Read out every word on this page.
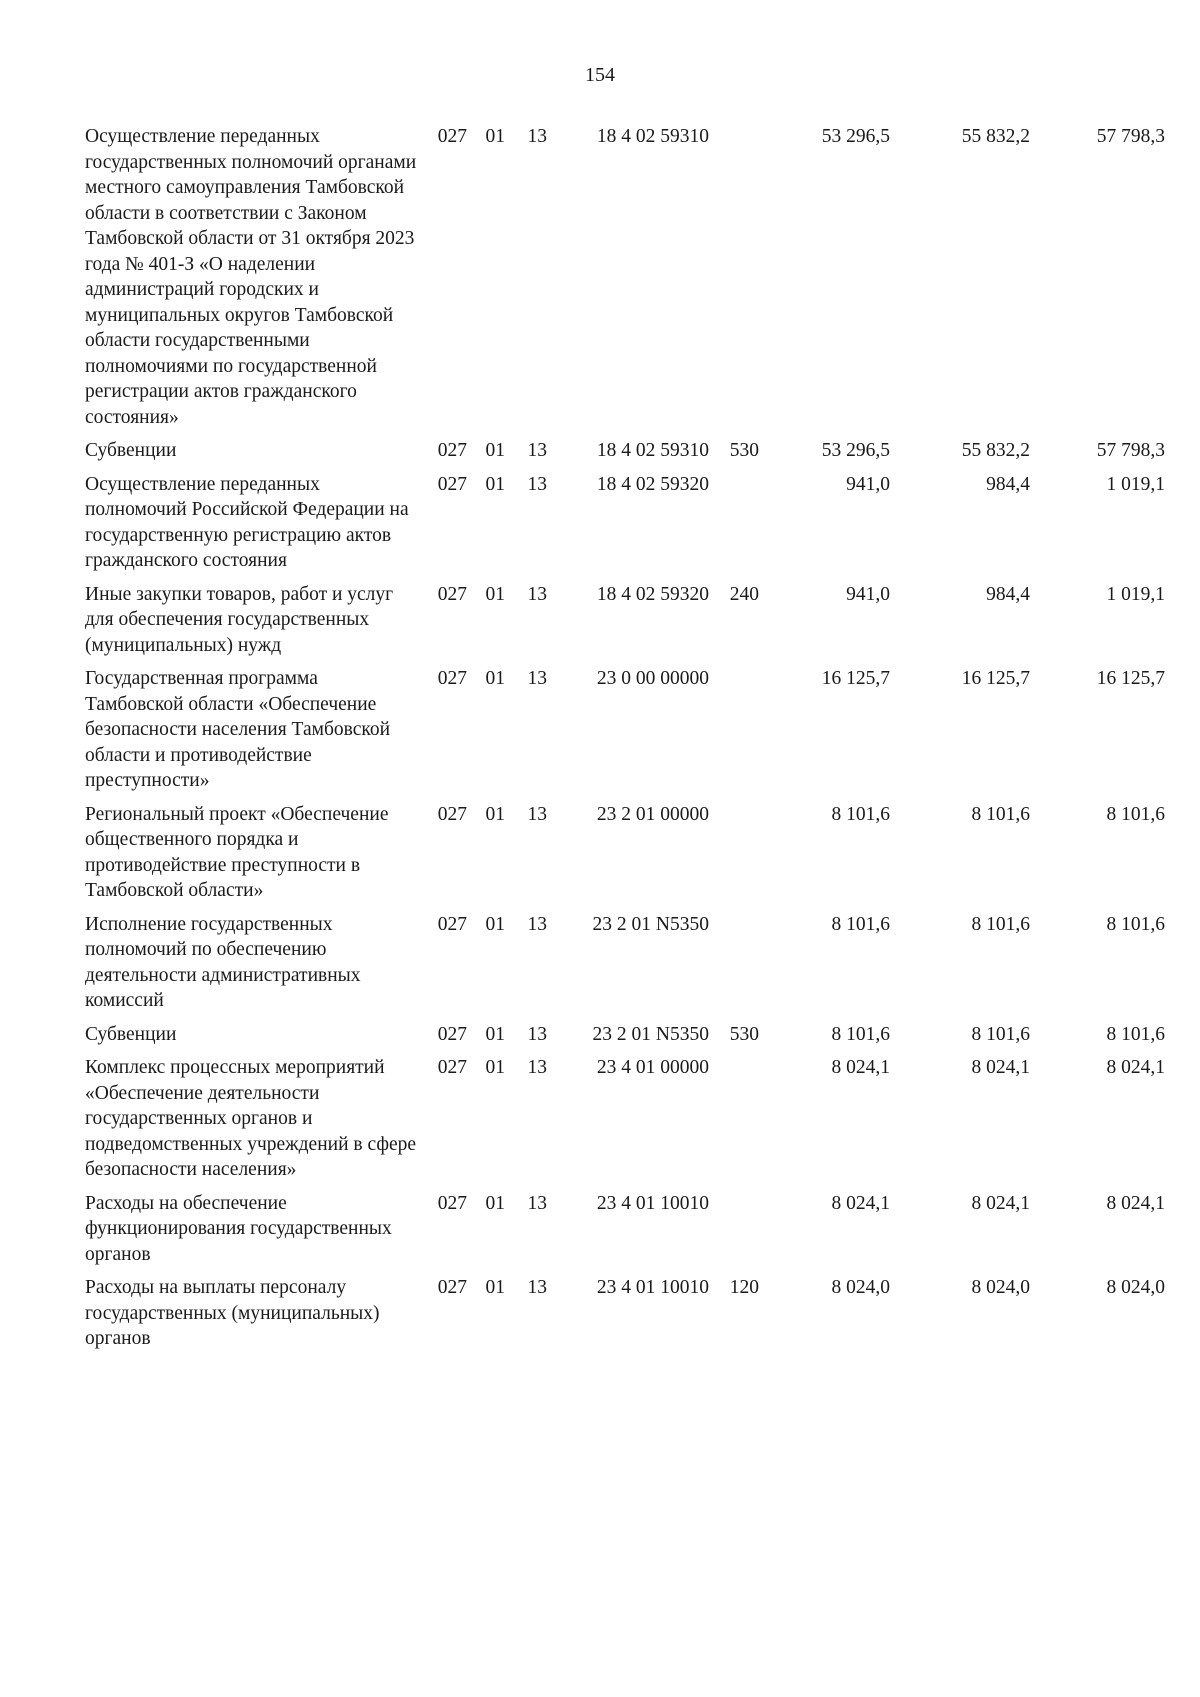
154
Осуществление переданных государственных полномочий органами местного самоуправления Тамбовской области в соответствии с Законом Тамбовской области от 31 октября 2023 года № 401-З «О наделении администраций городских и муниципальных округов Тамбовской области государственными полномочиями по государственной регистрации актов гражданского состояния»	027	01	13	18 4 02 59310		53 296,5	55 832,2	57 798,3
Субвенции	027	01	13	18 4 02 59310	530	53 296,5	55 832,2	57 798,3
Осуществление переданных полномочий Российской Федерации на государственную регистрацию актов гражданского состояния	027	01	13	18 4 02 59320		941,0	984,4	1 019,1
Иные закупки товаров, работ и услуг для обеспечения государственных (муниципальных) нужд	027	01	13	18 4 02 59320	240	941,0	984,4	1 019,1
Государственная программа Тамбовской области «Обеспечение безопасности населения Тамбовской области и противодействие преступности»	027	01	13	23 0 00 00000		16 125,7	16 125,7	16 125,7
Региональный проект «Обеспечение общественного порядка и противодействие преступности в Тамбовской области»	027	01	13	23 2 01 00000		8 101,6	8 101,6	8 101,6
Исполнение государственных полномочий по обеспечению деятельности административных комиссий	027	01	13	23 2 01 N5350		8 101,6	8 101,6	8 101,6
Субвенции	027	01	13	23 2 01 N5350	530	8 101,6	8 101,6	8 101,6
Комплекс процессных мероприятий «Обеспечение деятельности государственных органов и подведомственных учреждений в сфере безопасности населения»	027	01	13	23 4 01 00000		8 024,1	8 024,1	8 024,1
Расходы на обеспечение функционирования государственных органов	027	01	13	23 4 01 10010		8 024,1	8 024,1	8 024,1
Расходы на выплаты персоналу государственных (муниципальных) органов	027	01	13	23 4 01 10010	120	8 024,0	8 024,0	8 024,0
